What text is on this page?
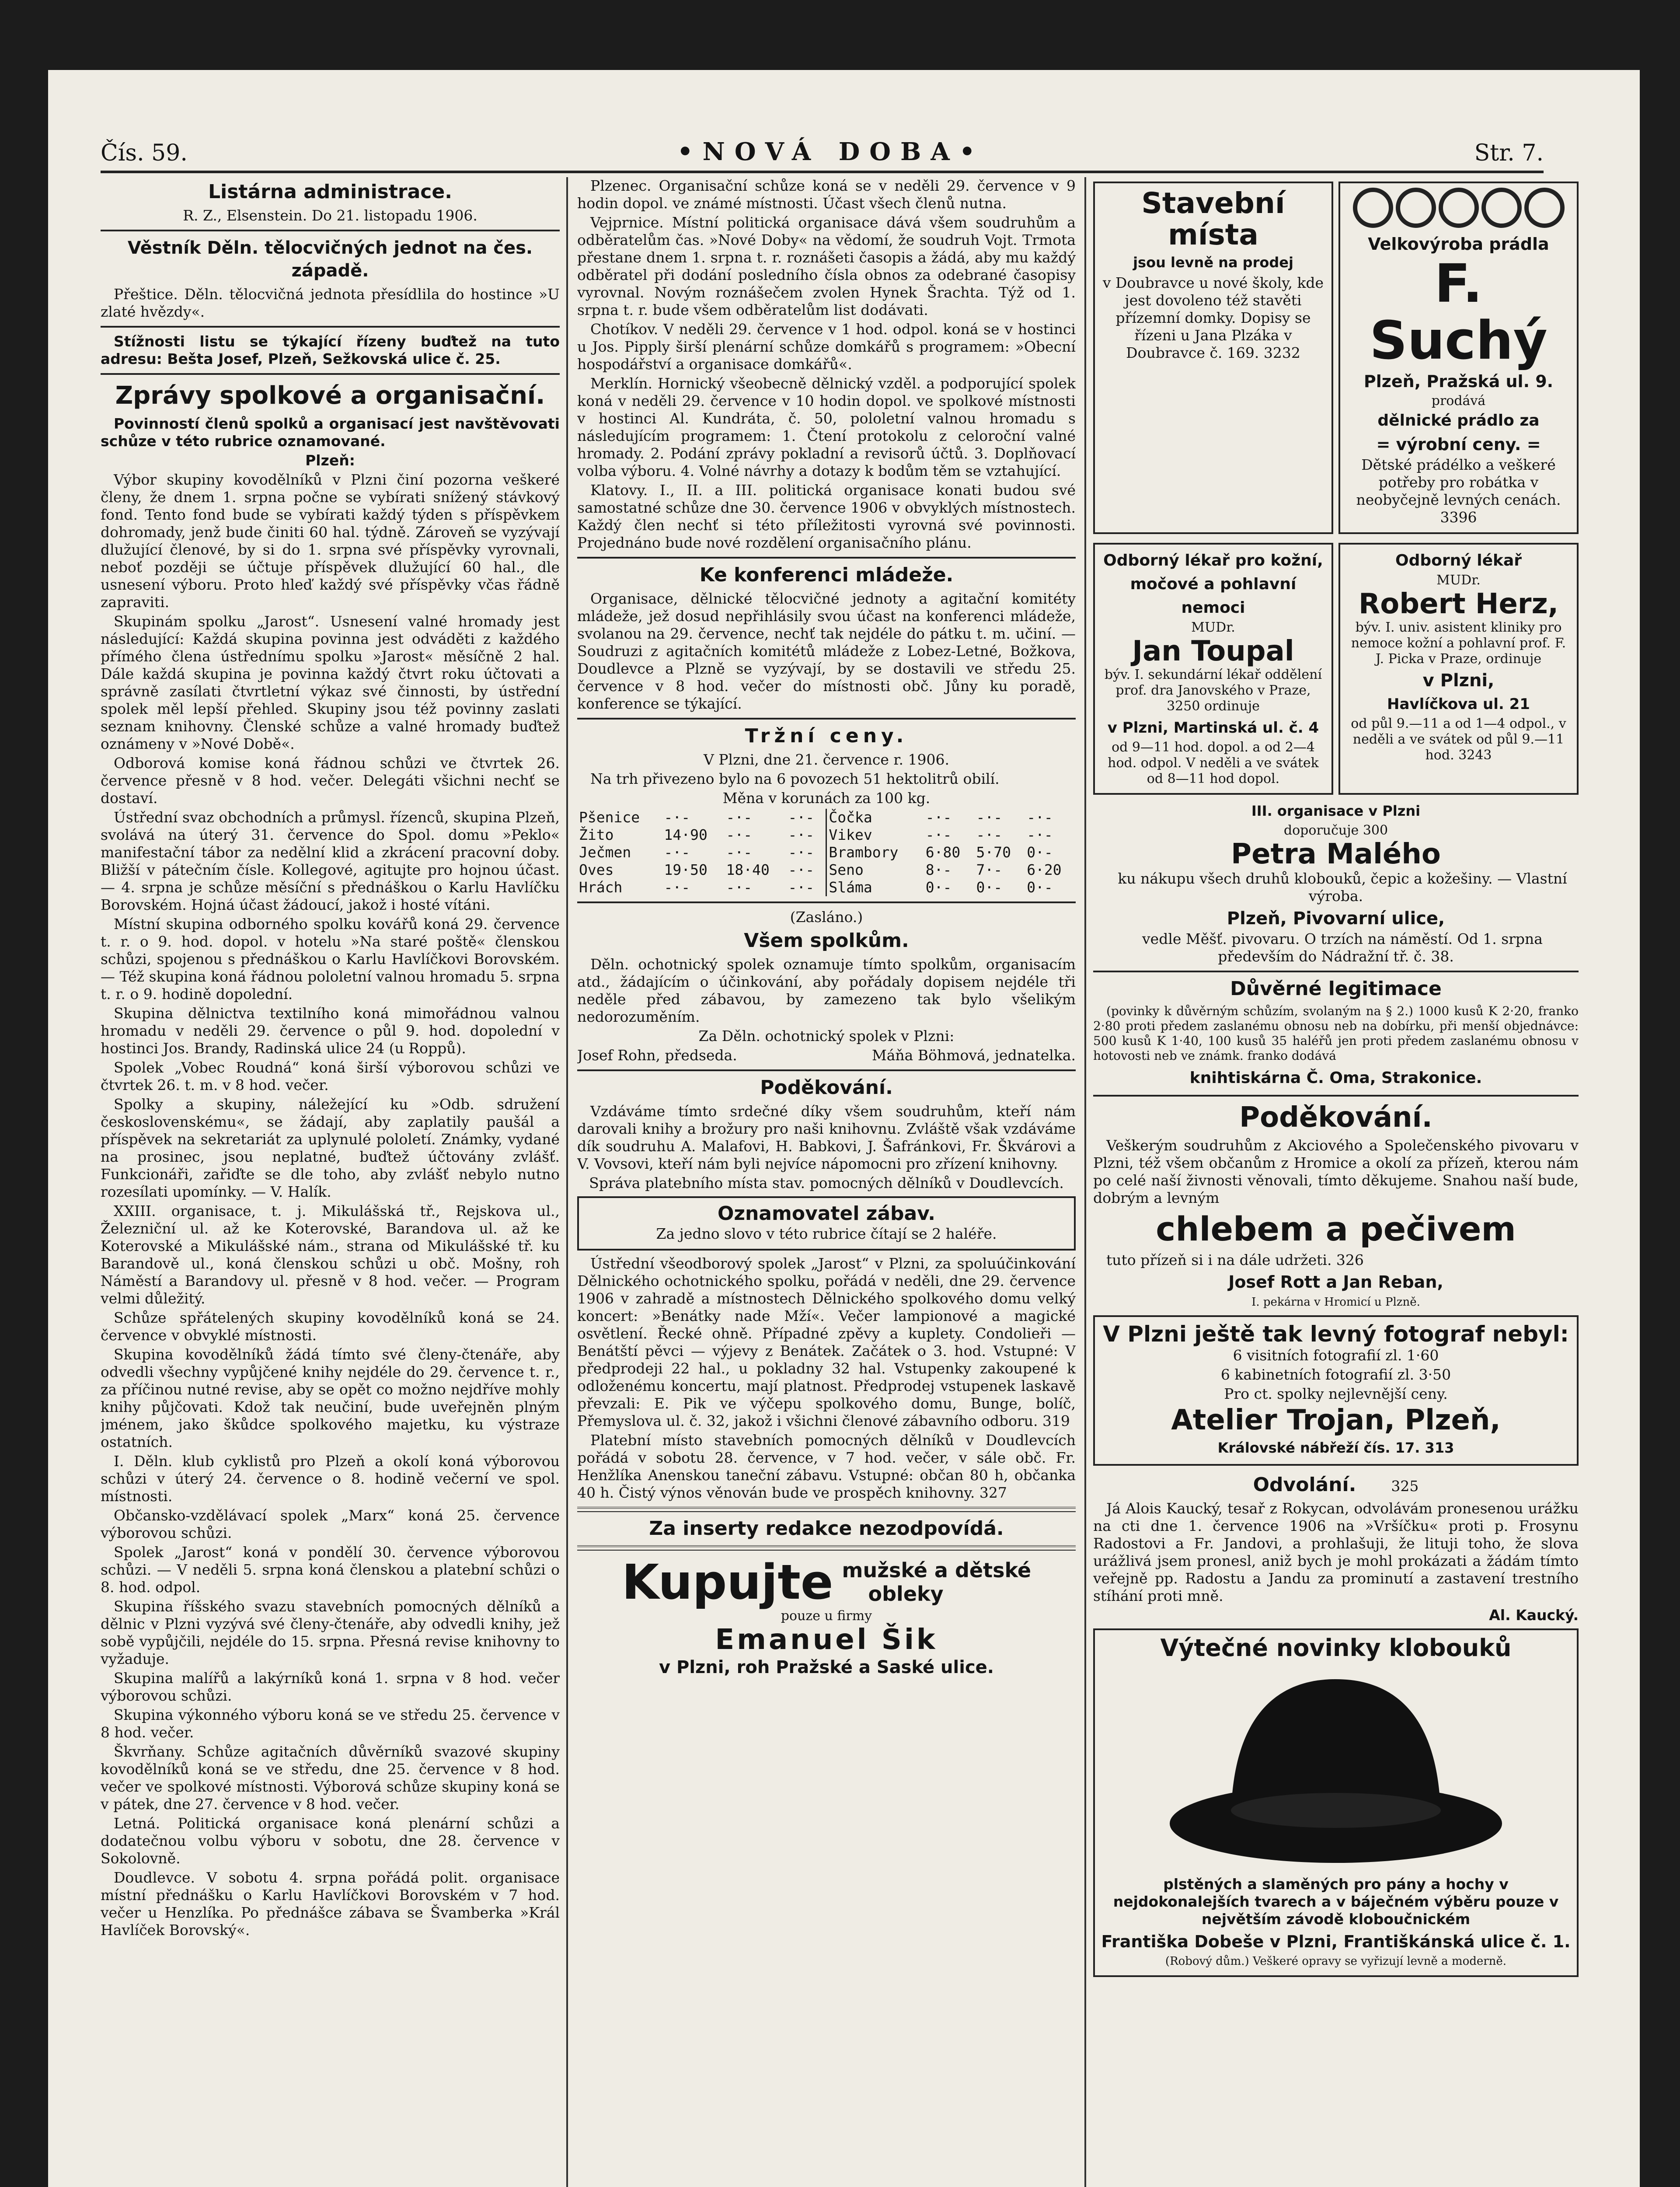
Čís. 59.	•NOVÁ DOBA•	Str. 7.
Listárna administrace.

R. Z., Elsenstein. Do 21. listopadu 1906.

Věstník Děln. tělocvičných jednot na čes. západě.

Přeštice. Děln. tělocvičná jednota přesídlila do hostince »U zlaté hvězdy«.

Stížnosti listu se týkající řízeny buďtež na tuto adresu: Bešta Josef, Plzeň, Sežkovská ulice č. 25.

Zprávy spolkové a organisační.

Povinností členů spolků a organisací jest navštěvovati schůze v této rubrice oznamované.

Plzeň:

Výbor skupiny kovodělníků v Plzni činí pozorna veškeré členy, že dnem 1. srpna počne se vybírati snížený stávkový fond. Tento fond bude se vybírati každý týden s příspěvkem dohromady, jenž bude činiti 60 hal. týdně. Zároveň se vyzývají dlužující členové, by si do 1. srpna své příspěvky vyrovnali, neboť později se účtuje příspěvek dlužující 60 hal., dle usnesení výboru. Proto hleď každý své příspěvky včas řádně zapraviti.

Skupinám spolku „Jarost“. Usnesení valné hromady jest následující: Každá skupina povinna jest odváděti z každého přímého člena ústřednímu spolku »Jarost« měsíčně 2 hal. Dále každá skupina je povinna každý čtvrt roku účtovati a správně zasílati čtvrtletní výkaz své činnosti, by ústřední spolek měl lepší přehled. Skupiny jsou též povinny zaslati seznam knihovny. Členské schůze a valné hromady buďtež oznámeny v »Nové Době«.

Odborová komise koná řádnou schůzi ve čtvrtek 26. července přesně v 8 hod. večer. Delegáti všichni nechť se dostaví.

Ústřední svaz obchodních a průmysl. řízenců, skupina Plzeň, svolává na úterý 31. července do Spol. domu »Peklo« manifestační tábor za nedělní klid a zkrácení pracovní doby. Bližší v pátečním čísle. Kollegové, agitujte pro hojnou účast. — 4. srpna je schůze měsíční s přednáškou o Karlu Havlíčku Borovském. Hojná účast žádoucí, jakož i hosté vítáni.

Místní skupina odborného spolku kovářů koná 29. července t. r. o 9. hod. dopol. v hotelu »Na staré poště« členskou schůzi, spojenou s přednáškou o Karlu Havlíčkovi Borovském. — Též skupina koná řádnou pololetní valnou hromadu 5. srpna t. r. o 9. hodině dopolední.

Skupina dělnictva textilního koná mimořádnou valnou hromadu v neděli 29. července o půl 9. hod. dopolední v hostinci Jos. Brandy, Radinská ulice 24 (u Roppů).

Spolek „Vobec Roudná“ koná širší výborovou schůzi ve čtvrtek 26. t. m. v 8 hod. večer.

Spolky a skupiny, náležející ku »Odb. sdružení československému«, se žádají, aby zaplatily paušál a příspěvek na sekretariát za uplynulé pololetí. Známky, vydané na prosinec, jsou neplatné, buďtež účtovány zvlášť. Funkcionáři, zařiďte se dle toho, aby zvlášť nebylo nutno rozesílati upomínky. — V. Halík.

XXIII. organisace, t. j. Mikulášská tř., Rejskova ul., Železniční ul. až ke Koterovské, Barandova ul. až ke Koterovské a Mikulášské nám., strana od Mikulášské tř. ku Barandově ul., koná členskou schůzi u obč. Mošny, roh Náměstí a Barandovy ul. přesně v 8 hod. večer. — Program velmi důležitý.

Schůze spřátelených skupiny kovodělníků koná se 24. července v obvyklé místnosti.

Skupina kovodělníků žádá tímto své členy-čtenáře, aby odvedli všechny vypůjčené knihy nejdéle do 29. července t. r., za příčinou nutné revise, aby se opět co možno nejdříve mohly knihy půjčovati. Kdož tak neučiní, bude uveřejněn plným jménem, jako škůdce spolkového majetku, ku výstraze ostatních.

I. Děln. klub cyklistů pro Plzeň a okolí koná výborovou schůzi v úterý 24. července o 8. hodině večerní ve spol. místnosti.

Občansko-vzdělávací spolek „Marx“ koná 25. července výborovou schůzi.

Spolek „Jarost“ koná v pondělí 30. července výborovou schůzi. — V neděli 5. srpna koná členskou a platební schůzi o 8. hod. odpol.

Skupina říšského svazu stavebních pomocných dělníků a dělnic v Plzni vyzývá své členy-čtenáře, aby odvedli knihy, jež sobě vypůjčili, nejdéle do 15. srpna. Přesná revise knihovny to vyžaduje.

Skupina malířů a lakýrníků koná 1. srpna v 8 hod. večer výborovou schůzi.

Skupina výkonného výboru koná se ve středu 25. července v 8 hod. večer.

Škvrňany. Schůze agitačních důvěrníků svazové skupiny kovodělníků koná se ve středu, dne 25. července v 8 hod. večer ve spolkové místnosti. Výborová schůze skupiny koná se v pátek, dne 27. července v 8 hod. večer.

Letná. Politická organisace koná plenární schůzi a dodatečnou volbu výboru v sobotu, dne 28. července v Sokolovně.

Doudlevce. V sobotu 4. srpna pořádá polit. organisace místní přednášku o Karlu Havlíčkovi Borovském v 7 hod. večer u Henzlíka. Po přednášce zábava se Švamberka »Král Havlíček Borovský«.

Plzenec. Organisační schůze koná se v neděli 29. července v 9 hodin dopol. ve známé místnosti. Účast všech členů nutna.

Vejprnice. Místní politická organisace dává všem soudruhům a odběratelům čas. »Nové Doby« na vědomí, že soudruh Vojt. Trmota přestane dnem 1. srpna t. r. roznášeti časopis a žádá, aby mu každý odběratel při dodání posledního čísla obnos za odebrané časopisy vyrovnal. Novým roznášečem zvolen Hynek Šrachta. Týž od 1. srpna t. r. bude všem odběratelům list dodávati.

Chotíkov. V neděli 29. července v 1 hod. odpol. koná se v hostinci u Jos. Pipply širší plenární schůze domkářů s programem: »Obecní hospodářství a organisace domkářů«.

Merklín. Hornický všeobecně dělnický vzděl. a podporující spolek koná v neděli 29. července v 10 hodin dopol. ve spolkové místnosti v hostinci Al. Kundráta, č. 50, pololetní valnou hromadu s následujícím programem: 1. Čtení protokolu z celoroční valné hromady. 2. Podání zprávy pokladní a revisorů účtů. 3. Doplňovací volba výboru. 4. Volné návrhy a dotazy k bodům těm se vztahující.

Klatovy. I., II. a III. politická organisace konati budou své samostatné schůze dne 30. července 1906 v obvyklých místnostech. Každý člen nechť si této příležitosti vyrovná své povinnosti. Projednáno bude nové rozdělení organisačního plánu.

Ke konferenci mládeže.

Organisace, dělnické tělocvičné jednoty a agitační komitéty mládeže, jež dosud nepřihlásily svou účast na konferenci mládeže, svolanou na 29. července, nechť tak nejdéle do pátku t. m. učiní. — Soudruzi z agitačních komitétů mládeže z Lobez-Letné, Božkova, Doudlevce a Plzně se vyzývají, by se dostavili ve středu 25. července v 8 hod. večer do místnosti obč. Jůny ku poradě, konference se týkající.

Tržní ceny.

V Plzni, dne 21. července r. 1906.

Na trh přivezeno bylo na 6 povozech 51 hektolitrů obilí.

Měna v korunách za 100 kg.

Pšenice	-·-	-·-	-·-	Čočka	-·-	-·-	-·-
Žito	14·90	-·-	-·-	Vikev	-·-	-·-	-·-
Ječmen	-·-	-·-	-·-	Brambory	6·80	5·70	0·-
Oves	19·50	18·40	-·-	Seno	8·-	7·-	6·20
Hrách	-·-	-·-	-·-	Sláma	0·-	0·-	0·-

(Zasláno.)

Všem spolkům.

Děln. ochotnický spolek oznamuje tímto spolkům, organisacím atd., žádajícím o účinkování, aby pořádaly dopisem nejdéle tři neděle před zábavou, by zamezeno tak bylo všelikým nedorozuměním.

Za Děln. ochotnický spolek v Plzni:

Josef Rohn, předseda.	Máňa Böhmová, jednatelka.

Poděkování.

Vzdáváme tímto srdečné díky všem soudruhům, kteří nám darovali knihy a brožury pro naši knihovnu. Zvláště však vzdáváme dík soudruhu A. Malafovi, H. Babkovi, J. Šafránkovi, Fr. Škvárovi a V. Vovsovi, kteří nám byli nejvíce nápomocni pro zřízení knihovny.

Správa platebního místa stav. pomocných dělníků v Doudlevcích.

Oznamovatel zábav.

Za jedno slovo v této rubrice čítají se 2 haléře.

Ústřední všeodborový spolek „Jarost“ v Plzni, za spoluúčinkování Dělnického ochotnického spolku, pořádá v neděli, dne 29. července 1906 v zahradě a místnostech Dělnického spolkového domu velký koncert: »Benátky nade Mží«. Večer lampionové a magické osvětlení. Řecké ohně. Případné zpěvy a kuplety. Condolieři — Benátští pěvci — výjevy z Benátek. Začátek o 3. hod. Vstupné: V předprodeji 22 hal., u pokladny 32 hal. Vstupenky zakoupené k odloženému koncertu, mají platnost. Předprodej vstupenek laskavě převzali: E. Pik ve výčepu spolkového domu, Bunge, bolíč, Přemyslova ul. č. 32, jakož i všichni členové zábavního odboru. 319

Platební místo stavebních pomocných dělníků v Doudlevcích pořádá v sobotu 28. července, v 7 hod. večer, v sále obč. Fr. Henžlíka Anenskou taneční zábavu. Vstupné: občan 80 h, občanka 40 h. Čistý výnos věnován bude ve prospěch knihovny. 327

Za inserty redakce nezodpovídá.
Kupujte mužské a dětské
obleky
pouze u firmy
Emanuel Šik
v Plzni, roh Pražské a Saské ulice.
Stavební místa
jsou levně na prodej

v Doubravce u nové školy, kde jest dovoleno též stavěti přízemní domky. Dopisy se řízeni u Jana Plzáka v Doubravce č. 169. 3232

Velkovýroba prádla
F. Suchý
Plzeň, Pražská ul. 9.
prodává
dělnické prádlo za
= výrobní ceny. =

Dětské prádélko a veškeré potřeby pro robátka v neobyčejně levných cenách. 3396

Odborný lékař pro kožní, močové a pohlavní nemoci
MUDr.
Jan Toupal

býv. I. sekundární lékař oddělení prof. dra Janovského v Praze, 3250 ordinuje

v Plzni, Martinská ul. č. 4

od 9—11 hod. dopol. a od 2—4 hod. odpol. V neděli a ve svátek od 8—11 hod dopol.

Odborný lékař
MUDr.
Robert Herz,

býv. I. univ. asistent kliniky pro nemoce kožní a pohlavní prof. F. J. Picka v Praze, ordinuje

v Plzni,
Havlíčkova ul. 21

od půl 9.—11 a od 1—4 odpol., v neděli a ve svátek od půl 9.—11 hod. 3243

III. organisace v Plzni
doporučuje 300
Petra Malého

ku nákupu všech druhů klobouků, čepic a kožešiny. — Vlastní výroba.

Plzeň, Pivovarní ulice,

vedle Měšť. pivovaru. O trzích na náměstí. Od 1. srpna především do Nádražní tř. č. 38.

Důvěrné legitimace

(povinky k důvěrným schůzím, svolaným na § 2.) 1000 kusů K 2·20, franko 2·80 proti předem zaslanému obnosu neb na dobírku, při menší objednávce: 500 kusů K 1·40, 100 kusů 35 haléřů jen proti předem zaslanému obnosu v hotovosti neb ve známk. franko dodává

knihtiskárna Č. Oma, Strakonice.
Poděkování.

Veškerým soudruhům z Akciového a Společenského pivovaru v Plzni, též všem občanům z Hromice a okolí za přízeň, kterou nám po celé naší živnosti věnovali, tímto děkujeme. Snahou naší bude, dobrým a levným

chlebem a pečivem

tuto přízeň si i na dále udržeti. 326

Josef Rott a Jan Reban,

I. pekárna v Hromicí u Plzně.

V Plzni ještě tak levný fotograf nebyl:

6 visitních fotografií zl. 1·60

6 kabinetních fotografií zl. 3·50

Pro ct. spolky nejlevnější ceny.

Atelier Trojan, Plzeň,
Královské nábřeží čís. 17. 313
Odvolání. 325

Já Alois Kaucký, tesař z Rokycan, odvolávám pronesenou urážku na cti dne 1. července 1906 na »Vršíčku« proti p. Frosynu Radostovi a Fr. Jandovi, a prohlašuji, že lituji toho, že slova urážlivá jsem pronesl, aniž bych je mohl prokázati a žádám tímto veřejně pp. Radostu a Jandu za prominutí a zastavení trestního stíhání proti mně.

Al. Kaucký.

Výtečné novinky klobouků

plstěných a slaměných pro pány a hochy v nejdokonalejších tvarech a v báječném výběru pouze v největším závodě kloboučnickém

Františka Dobeše v Plzni, Františkánská ulice č. 1.

(Robový dům.) Veškeré opravy se vyřizují levně a moderně.
